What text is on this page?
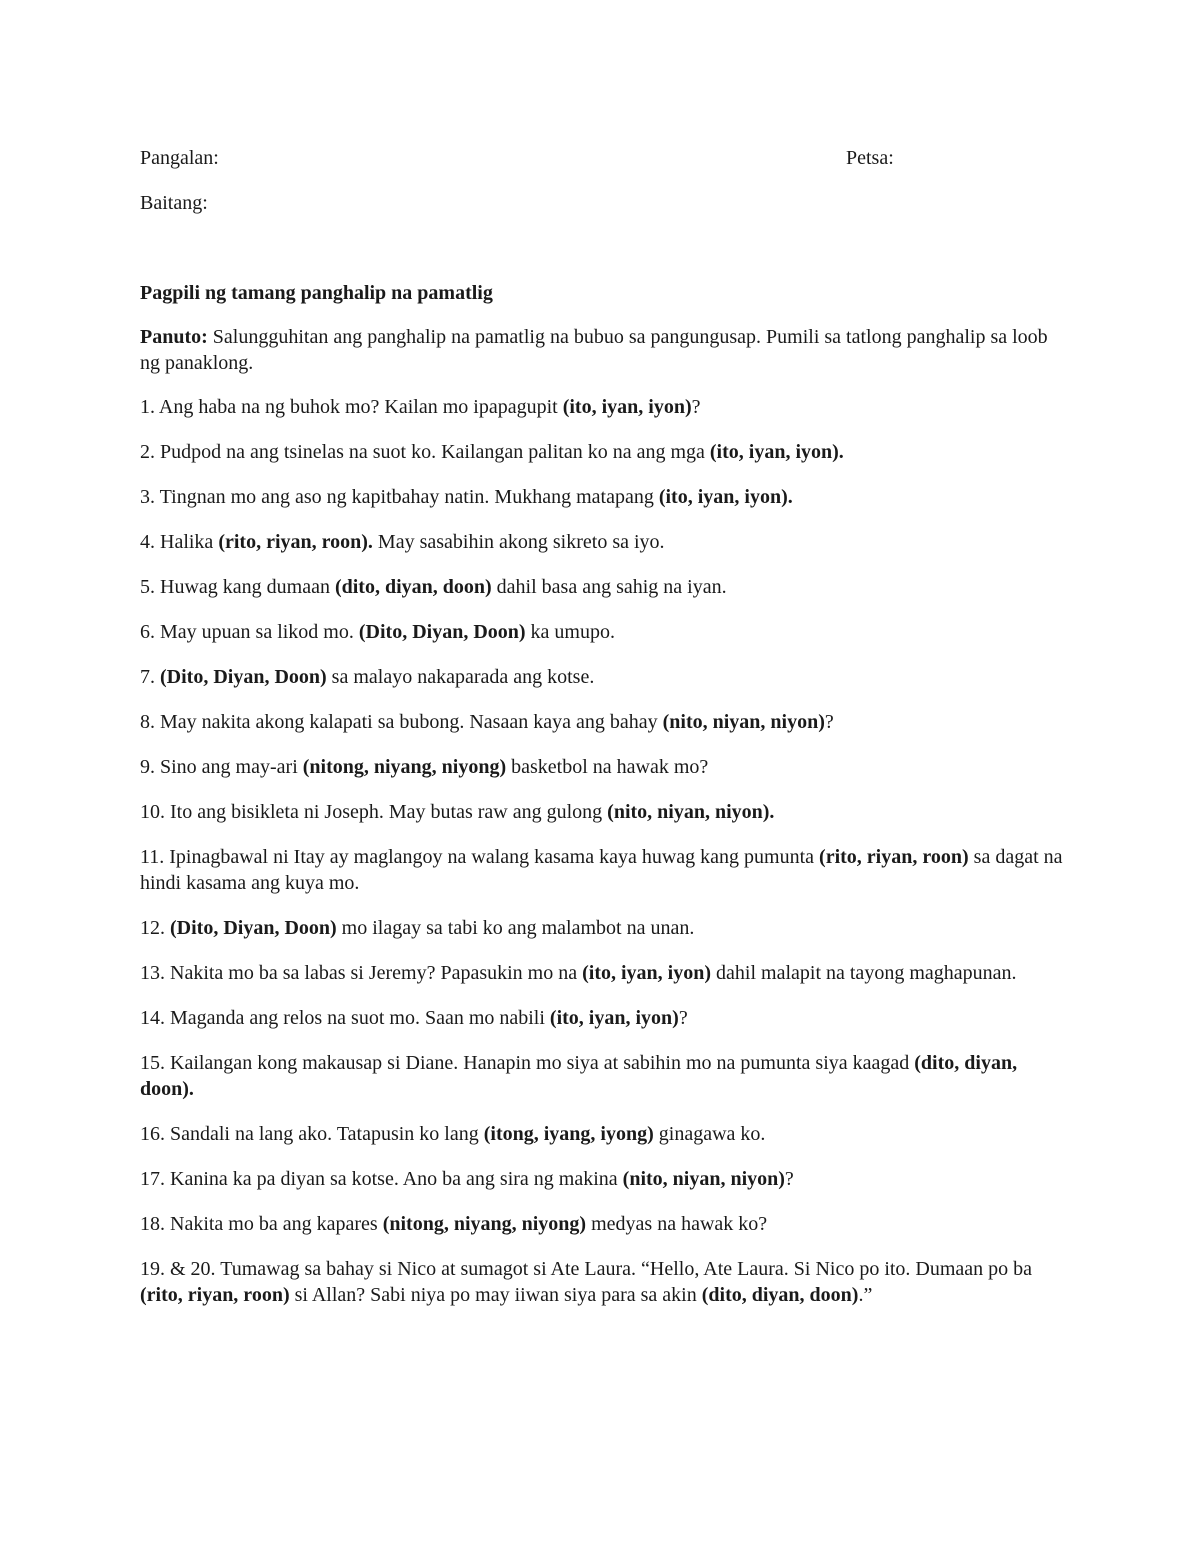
Pangalan:	Petsa:
Baitang:

Pagpili ng tamang panghalip na pamatlig

Panuto: Salungguhitan ang panghalip na pamatlig na bubuo sa pangungusap. Pumili sa tatlong panghalip sa loob ng panaklong.

1. Ang haba na ng buhok mo? Kailan mo ipapagupit (ito, iyan, iyon)?

2. Pudpod na ang tsinelas na suot ko. Kailangan palitan ko na ang mga (ito, iyan, iyon).

3. Tingnan mo ang aso ng kapitbahay natin. Mukhang matapang (ito, iyan, iyon).

4. Halika (rito, riyan, roon). May sasabihin akong sikreto sa iyo.

5. Huwag kang dumaan (dito, diyan, doon) dahil basa ang sahig na iyan.

6. May upuan sa likod mo. (Dito, Diyan, Doon) ka umupo.

7. (Dito, Diyan, Doon) sa malayo nakaparada ang kotse.

8. May nakita akong kalapati sa bubong. Nasaan kaya ang bahay (nito, niyan, niyon)?

9. Sino ang may-ari (nitong, niyang, niyong) basketbol na hawak mo?

10. Ito ang bisikleta ni Joseph. May butas raw ang gulong (nito, niyan, niyon).

11. Ipinagbawal ni Itay ay maglangoy na walang kasama kaya huwag kang pumunta (rito, riyan, roon) sa dagat na hindi kasama ang kuya mo.

12. (Dito, Diyan, Doon) mo ilagay sa tabi ko ang malambot na unan.

13. Nakita mo ba sa labas si Jeremy? Papasukin mo na (ito, iyan, iyon) dahil malapit na tayong maghapunan.

14. Maganda ang relos na suot mo. Saan mo nabili (ito, iyan, iyon)?

15. Kailangan kong makausap si Diane. Hanapin mo siya at sabihin mo na pumunta siya kaagad (dito, diyan, doon).

16. Sandali na lang ako. Tatapusin ko lang (itong, iyang, iyong) ginagawa ko.

17. Kanina ka pa diyan sa kotse. Ano ba ang sira ng makina (nito, niyan, niyon)?

18. Nakita mo ba ang kapares (nitong, niyang, niyong) medyas na hawak ko?

19. & 20. Tumawag sa bahay si Nico at sumagot si Ate Laura. “Hello, Ate Laura. Si Nico po ito. Dumaan po ba (rito, riyan, roon) si Allan? Sabi niya po may iiwan siya para sa akin (dito, diyan, doon).”
